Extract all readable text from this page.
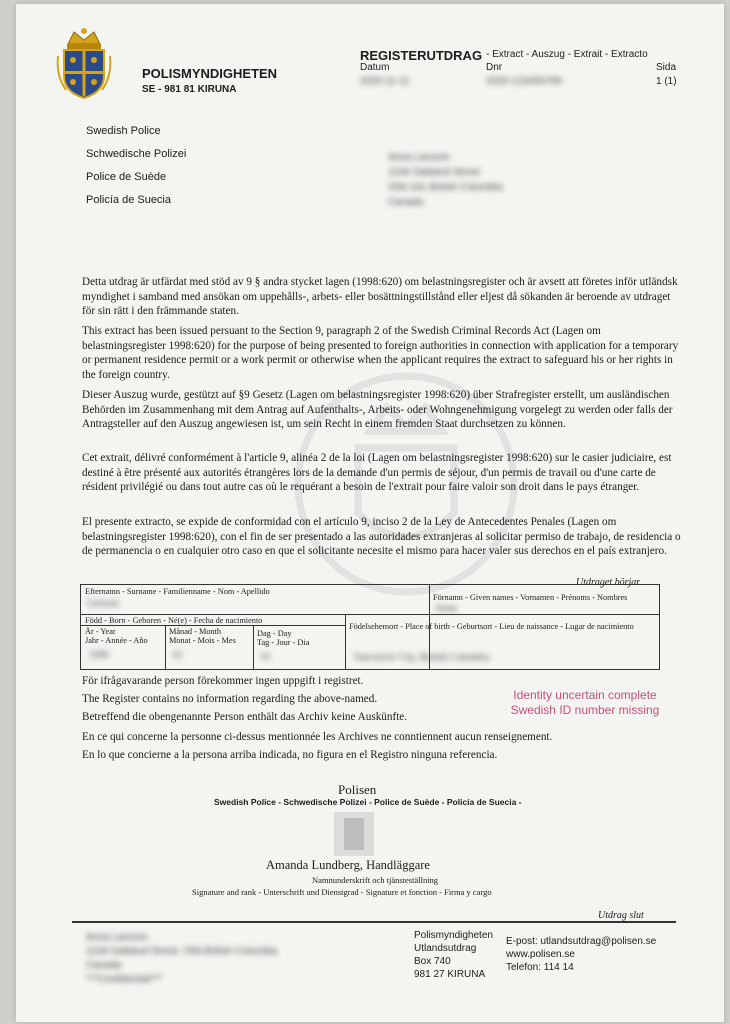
POLISMYNDIGHETEN
SE - 981 81 KIRUNA
REGISTERUTDRAG - Extract - Auszug - Extrait - Extracto
Datum
2020-11-11
Dnr
2020-123456789
Sida
1 (1)
Swedish Police
Schwedische Polizei
Police de Suède
Policía de Suecia
Anna Larsson
1234 Oakland Street
V5A 1A1 British Columbia
Canada

Detta utdrag är utfärdat med stöd av 9 § andra stycket lagen (1998:620) om belastningsregister och är avsett att företes inför utländsk myndighet i samband med ansökan om uppehålls-, arbets- eller bosättningstillstånd eller eljest då sökanden är beroende av utdraget för sin rätt i den främmande staten.

This extract has been issued persuant to the Section 9, paragraph 2 of the Swedish Criminal Records Act (Lagen om belastningsregister 1998:620) for the purpose of being presented to foreign authorities in connection with application for a temporary or permanent residence permit or a work permit or otherwise when the applicant requires the extract to safeguard his or her rights in the foreign country.

Dieser Auszug wurde, gestützt auf §9 Gesetz (Lagen om belastningsregister 1998:620) über Strafregister erstellt, um ausländischen Behörden im Zusammenhang mit dem Antrag auf Aufenthalts-, Arbeits- oder Wohngenehmigung vorgelegt zu werden oder falls der Antragsteller auf den Auszug angewiesen ist, um sein Recht in einem fremden Staat durchsetzen zu können.

Cet extrait, délivré conformément à l'article 9, alinéa 2 de la loi (Lagen om belastningsregister 1998:620) sur le casier judiciaire, est destiné à être présenté aux autorités étrangères lors de la demande d'un permis de séjour, d'un permis de travail ou d'une carte de résident privilégié ou dans tout autre cas où le requérant a besoin de l'extrait pour faire valoir son droit dans le pays étranger.

El presente extracto, se expide de conformidad con el artículo 9, inciso 2 de la Ley de Antecedentes Penales (Lagen om belastningsregister 1998:620), con el fin de ser presentado a las autoridades extranjeras al solicitar permiso de trabajo, de residencia o de permanencia o en cualquier otro caso en que el solicitante necesite el mismo para hacer valer sus derechos en el país extranjero.

Utdraget börjar
Efternamn - Surname - Familienname - Nom - Apellido
Larsson
Förnamn - Given names - Vornamen - Prénoms - Nombres
Anna
Född - Born - Geboren - Né(e) - Fecha de nacimiento
År - Year
Jahr - Année - Año
1990
Månad - Month
Monat - Mois - Mes
01
Dag - Day
Tag - Jour - Dia
01
Födelsehemort - Place of birth - Geburtsort - Lieu de naissance - Lugar de nacimiento
Vancouver City, British Columbia
För ifrågavarande person förekommer ingen uppgift i registret.
The Register contains no information regarding the above-named.
Betreffend die obengenannte Person enthält das Archiv keine Auskünfte.
En ce qui concerne la personne ci-dessus mentionnée les Archives ne conntiennent aucun renseignement.
En lo que concierne a la persona arriba indicada, no figura en el Registro ninguna referencia.
Identity uncertain complete
Swedish ID number missing
Polisen
Swedish Police - Schwedische Polizei - Police de Suède - Policía de Suecia -
Amanda Lundberg, Handläggare
Namnunderskrift och tjänsteställning
Signature and rank - Unterschrift und Dienstgrad - Signature et fonction - Firma y cargo
Utdrag slut
Anna Larsson
1234 Oakland Street, V5A British Columbia
Canada
***Confidential***
Polismyndigheten
Utlandsutdrag
Box 740
981 27 KIRUNA
E-post: utlandsutdrag@polisen.se
www.polisen.se
Telefon: 114 14
